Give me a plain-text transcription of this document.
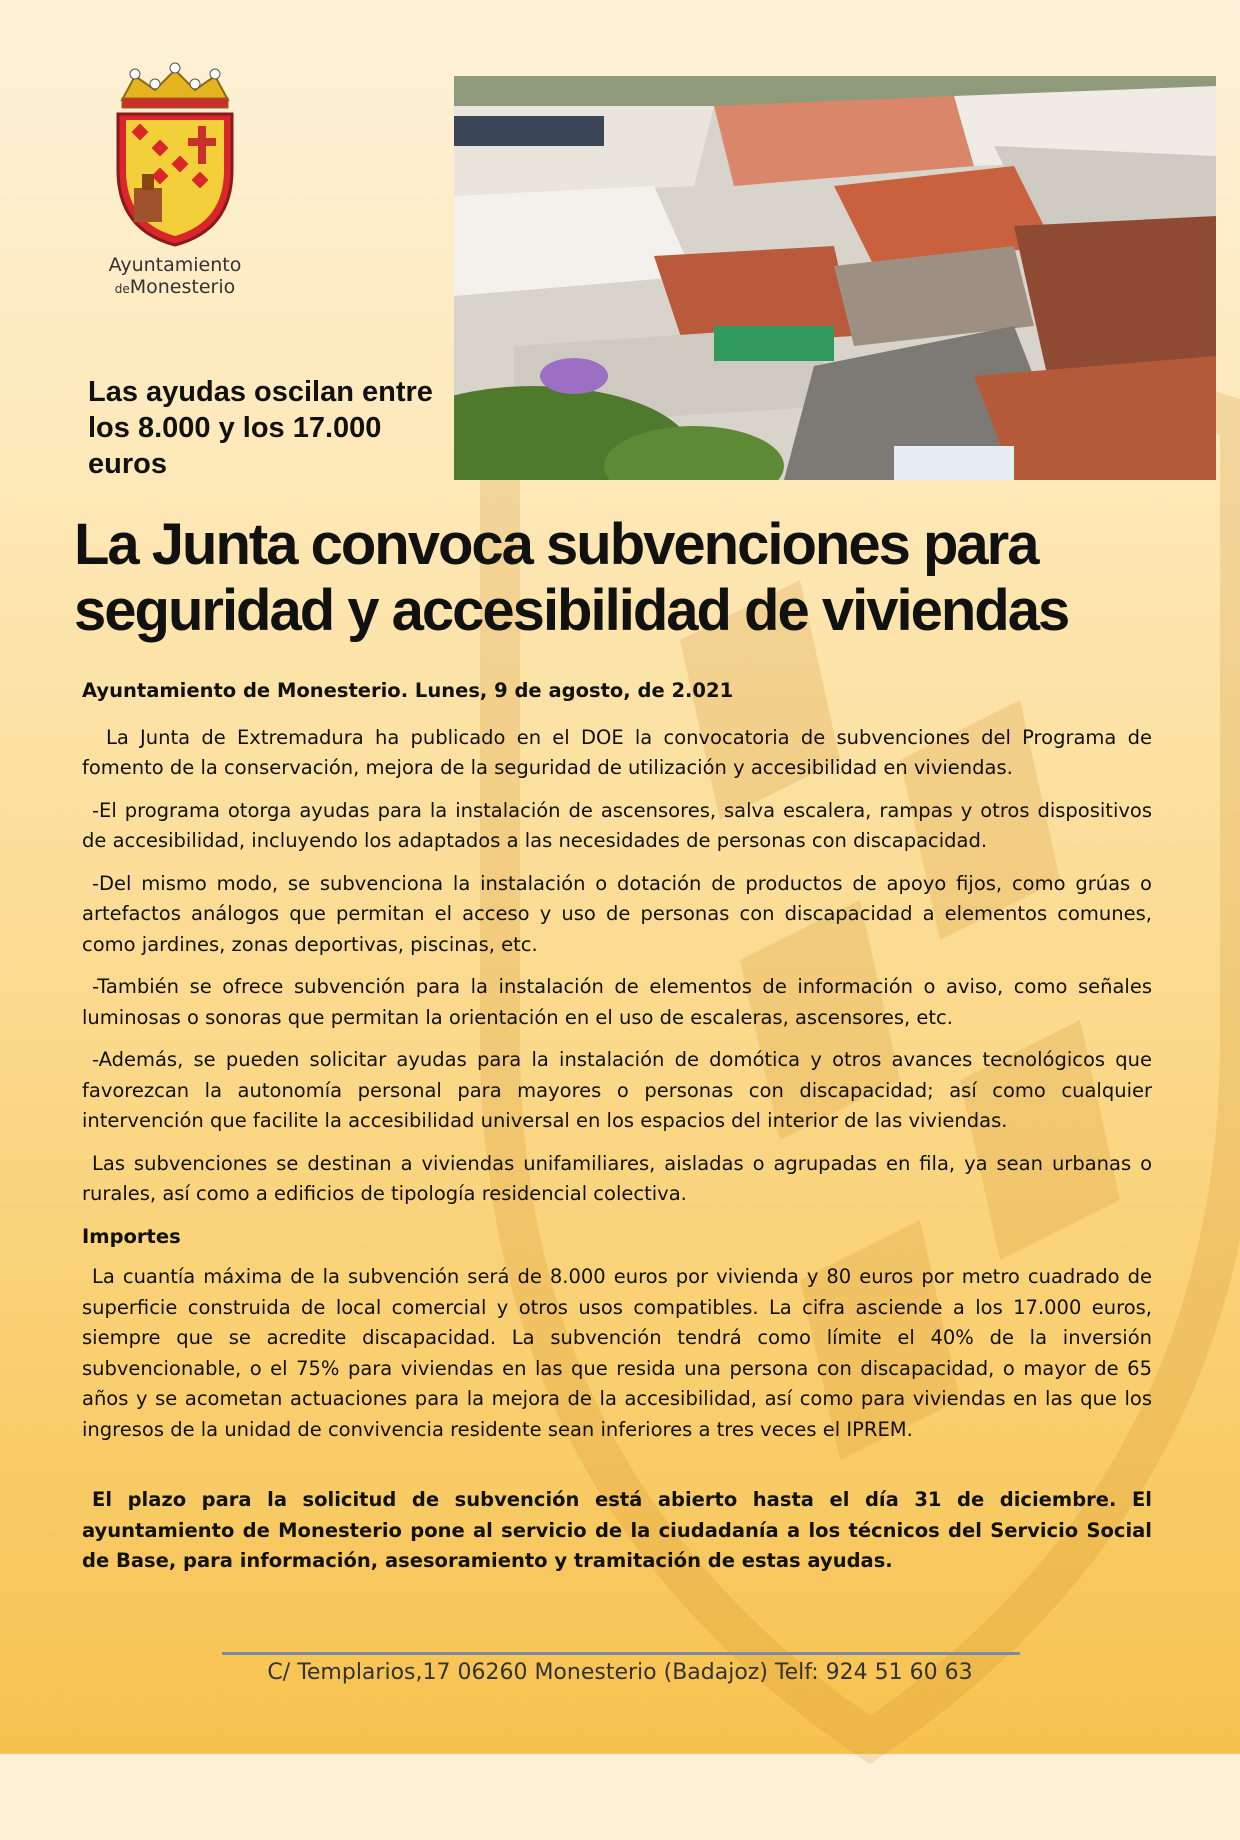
Ayuntamiento
deMonesterio
Las ayudas oscilan entre los 8.000 y los 17.000 euros
La Junta convoca subvenciones para seguridad y accesibilidad de viviendas
Ayuntamiento de Monesterio. Lunes, 9 de agosto, de 2.021

La Junta de Extremadura ha publicado en el DOE la convocatoria de subvenciones del Programa de fomento de la conservación, mejora de la seguridad de utilización y accesibilidad en viviendas.

-El programa otorga ayudas para la instalación de ascensores, salva escalera, rampas y otros dispositivos de accesibilidad, incluyendo los adaptados a las necesidades de personas con discapacidad.

-Del mismo modo, se subvenciona la instalación o dotación de productos de apoyo fijos, como grúas o artefactos análogos que permitan el acceso y uso de personas con discapacidad a elementos comunes, como jardines, zonas deportivas, piscinas, etc.

-También se ofrece subvención para la instalación de elementos de información o aviso, como señales luminosas o sonoras que permitan la orientación en el uso de escaleras, ascensores, etc.

-Además, se pueden solicitar ayudas para la instalación de domótica y otros avances tecnológicos que favorezcan la autonomía personal para mayores o personas con discapacidad; así como cualquier intervención que facilite la accesibilidad universal en los espacios del interior de las viviendas.

Las subvenciones se destinan a viviendas unifamiliares, aisladas o agrupadas en fila, ya sean urbanas o rurales, así como a edificios de tipología residencial colectiva.

Importes

La cuantía máxima de la subvención será de 8.000 euros por vivienda y 80 euros por metro cuadrado de superficie construida de local comercial y otros usos compatibles. La cifra asciende a los 17.000 euros, siempre que se acredite discapacidad. La subvención tendrá como límite el 40% de la inversión subvencionable, o el 75% para viviendas en las que resida una persona con discapacidad, o mayor de 65 años y se acometan actuaciones para la mejora de la accesibilidad, así como para viviendas en las que los ingresos de la unidad de convivencia residente sean inferiores a tres veces el IPREM.

El plazo para la solicitud de subvención está abierto hasta el día 31 de diciembre. El ayuntamiento de Monesterio pone al servicio de la ciudadanía a los técnicos del Servicio Social de Base, para información, asesoramiento y tramitación de estas ayudas.

C/ Templarios,17 06260 Monesterio (Badajoz) Telf: 924 51 60 63
